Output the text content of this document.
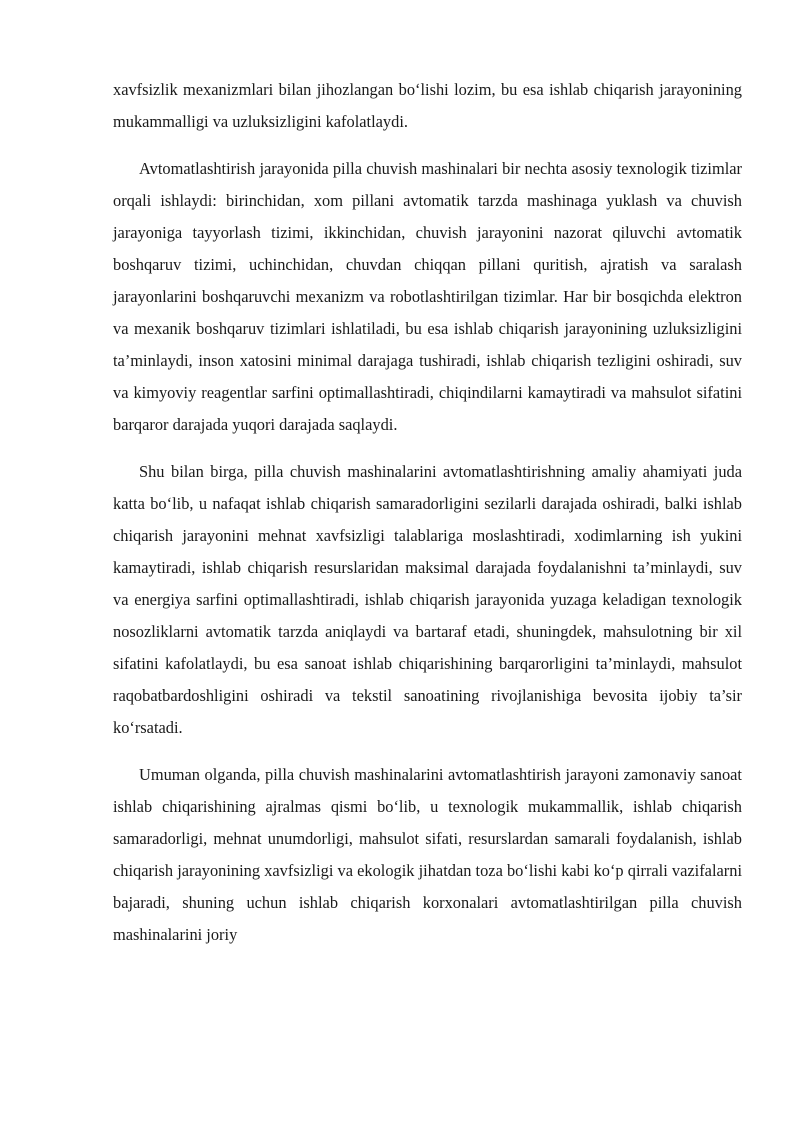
xavfsizlik mexanizmlari bilan jihozlangan bo‘lishi lozim, bu esa ishlab chiqarish jarayonining mukammalligi va uzluksizligini kafolatlaydi.

Avtomatlashtirish jarayonida pilla chuvish mashinalari bir nechta asosiy texnologik tizimlar orqali ishlaydi: birinchidan, xom pillani avtomatik tarzda mashinaga yuklash va chuvish jarayoniga tayyorlash tizimi, ikkinchidan, chuvish jarayonini nazorat qiluvchi avtomatik boshqaruv tizimi, uchinchidan, chuvdan chiqqan pillani quritish, ajratish va saralash jarayonlarini boshqaruvchi mexanizm va robotlashtirilgan tizimlar. Har bir bosqichda elektron va mexanik boshqaruv tizimlari ishlatiladi, bu esa ishlab chiqarish jarayonining uzluksizligini ta’minlaydi, inson xatosini minimal darajaga tushiradi, ishlab chiqarish tezligini oshiradi, suv va kimyoviy reagentlar sarfini optimallashtiradi, chiqindilarni kamaytiradi va mahsulot sifatini barqaror darajada yuqori darajada saqlaydi.

Shu bilan birga, pilla chuvish mashinalarini avtomatlashtirishning amaliy ahamiyati juda katta bo‘lib, u nafaqat ishlab chiqarish samaradorligini sezilarli darajada oshiradi, balki ishlab chiqarish jarayonini mehnat xavfsizligi talablariga moslashtiradi, xodimlarning ish yukini kamaytiradi, ishlab chiqarish resurslaridan maksimal darajada foydalanishni ta’minlaydi, suv va energiya sarfini optimallashtiradi, ishlab chiqarish jarayonida yuzaga keladigan texnologik nosozliklarni avtomatik tarzda aniqlaydi va bartaraf etadi, shuningdek, mahsulotning bir xil sifatini kafolatlaydi, bu esa sanoat ishlab chiqarishining barqarorligini ta’minlaydi, mahsulot raqobatbardoshligini oshiradi va tekstil sanoatining rivojlanishiga bevosita ijobiy ta’sir ko‘rsatadi.

Umuman olganda, pilla chuvish mashinalarini avtomatlashtirish jarayoni zamonaviy sanoat ishlab chiqarishining ajralmas qismi bo‘lib, u texnologik mukammallik, ishlab chiqarish samaradorligi, mehnat unumdorligi, mahsulot sifati, resurslardan samarali foydalanish, ishlab chiqarish jarayonining xavfsizligi va ekologik jihatdan toza bo‘lishi kabi ko‘p qirrali vazifalarni bajaradi, shuning uchun ishlab chiqarish korxonalari avtomatlashtirilgan pilla chuvish mashinalarini joriy
